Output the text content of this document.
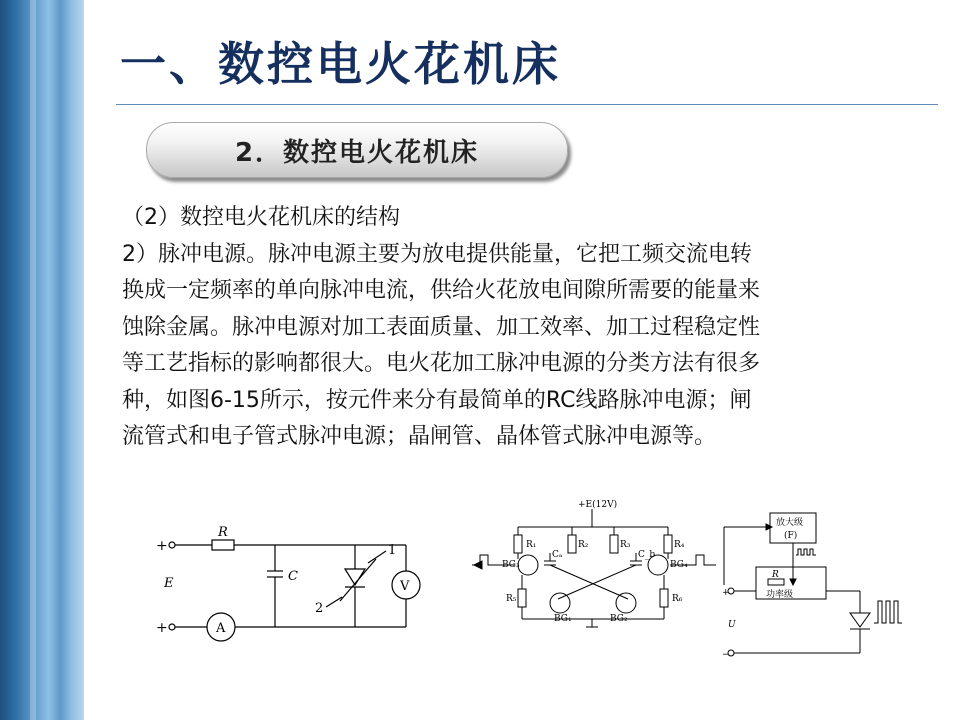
一、数控电火花机床
2．数控电火花机床

（2）数控电火花机床的结构

2）脉冲电源。脉冲电源主要为放电提供能量，它把工频交流电转

换成一定频率的单向脉冲电流，供给火花放电间隙所需要的能量来

蚀除金属。脉冲电源对加工表面质量、加工效率、加工过程稳定性

等工艺指标的影响都很大。电火花加工脉冲电源的分类方法有很多

种，如图6-15所示，按元件来分有最简单的RC线路脉冲电源；闸

流管式和电子管式脉冲电源；晶闸管、晶体管式脉冲电源等。

+
+
R
C
E	V
A
1
2
+E(12V)
R₁	R₂	R₃	R₄
Cₐ	C_b
BG₃	BG₄
BG₁	BG₂
R₅	R₆
放大级
(F)
R
功率级
+
U
−
